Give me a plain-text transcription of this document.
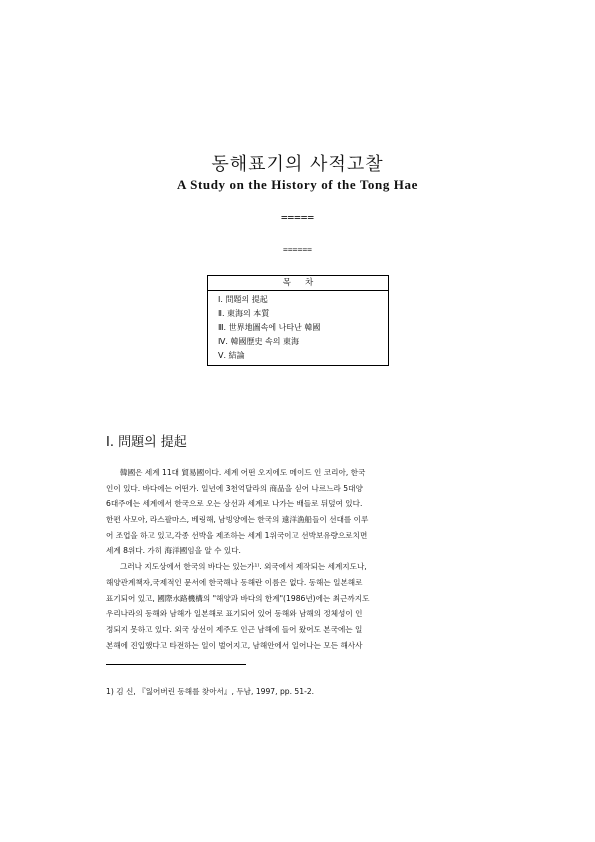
동해표기의 사적고찰
A Study on the History of the Tong Hae
=====
======
목차
Ⅰ. 問題의 提起
Ⅱ. 東海의 本質
Ⅲ. 世界地圖속에 나타난 韓國
Ⅳ. 韓國歷史 속의 東海
Ⅴ. 結論
Ⅰ. 問題의 提起
韓國은 세계 11대 貿易國이다. 세계 어떤 오지에도 메이드 인 코리아, 한국
인이 있다. 바다에는 어떤가. 일년에 3천억달라의 商品을 싣어 나르느라 5대양
6대주에는 세계에서 한국으로 오는 상선과 세계로 나가는 배들로 뒤덮여 있다.
한편 사모아, 라스팔마스, 베링해, 남빙양에는 한국의 遠洋漁船들이 선대를 이루
어 조업을 하고 있고,각종 선박을 제조하는 세계 1위국이고 선박보유량으로치면
세계 8위다. 가히 海洋國임을 알 수 있다.
그러나 지도상에서 한국의 바다는 있는가¹⁾. 외국에서 제작되는 세계지도나,
해양관계책자,국제적인 문서에 한국해나 동해란 이름은 없다. 동해는 일본해로
표기되어 있고, 國際水路機構의 "해양과 바다의 한계"(1986년)에는 최근까지도
우리나라의 동해와 남해가 일본해로 표기되어 있어 동해와 남해의 정체성이 인
정되지 못하고 있다. 외국 상선이 제주도 인근 남해에 들어 왔어도 본국에는 일
본해에 진입했다고 타전하는 일이 벌어지고, 남해안에서 일어나는 모든 해사사
1) 김 신, 『잃어버린 동해를 찾아서』, 두남, 1997, pp. 51-2.
